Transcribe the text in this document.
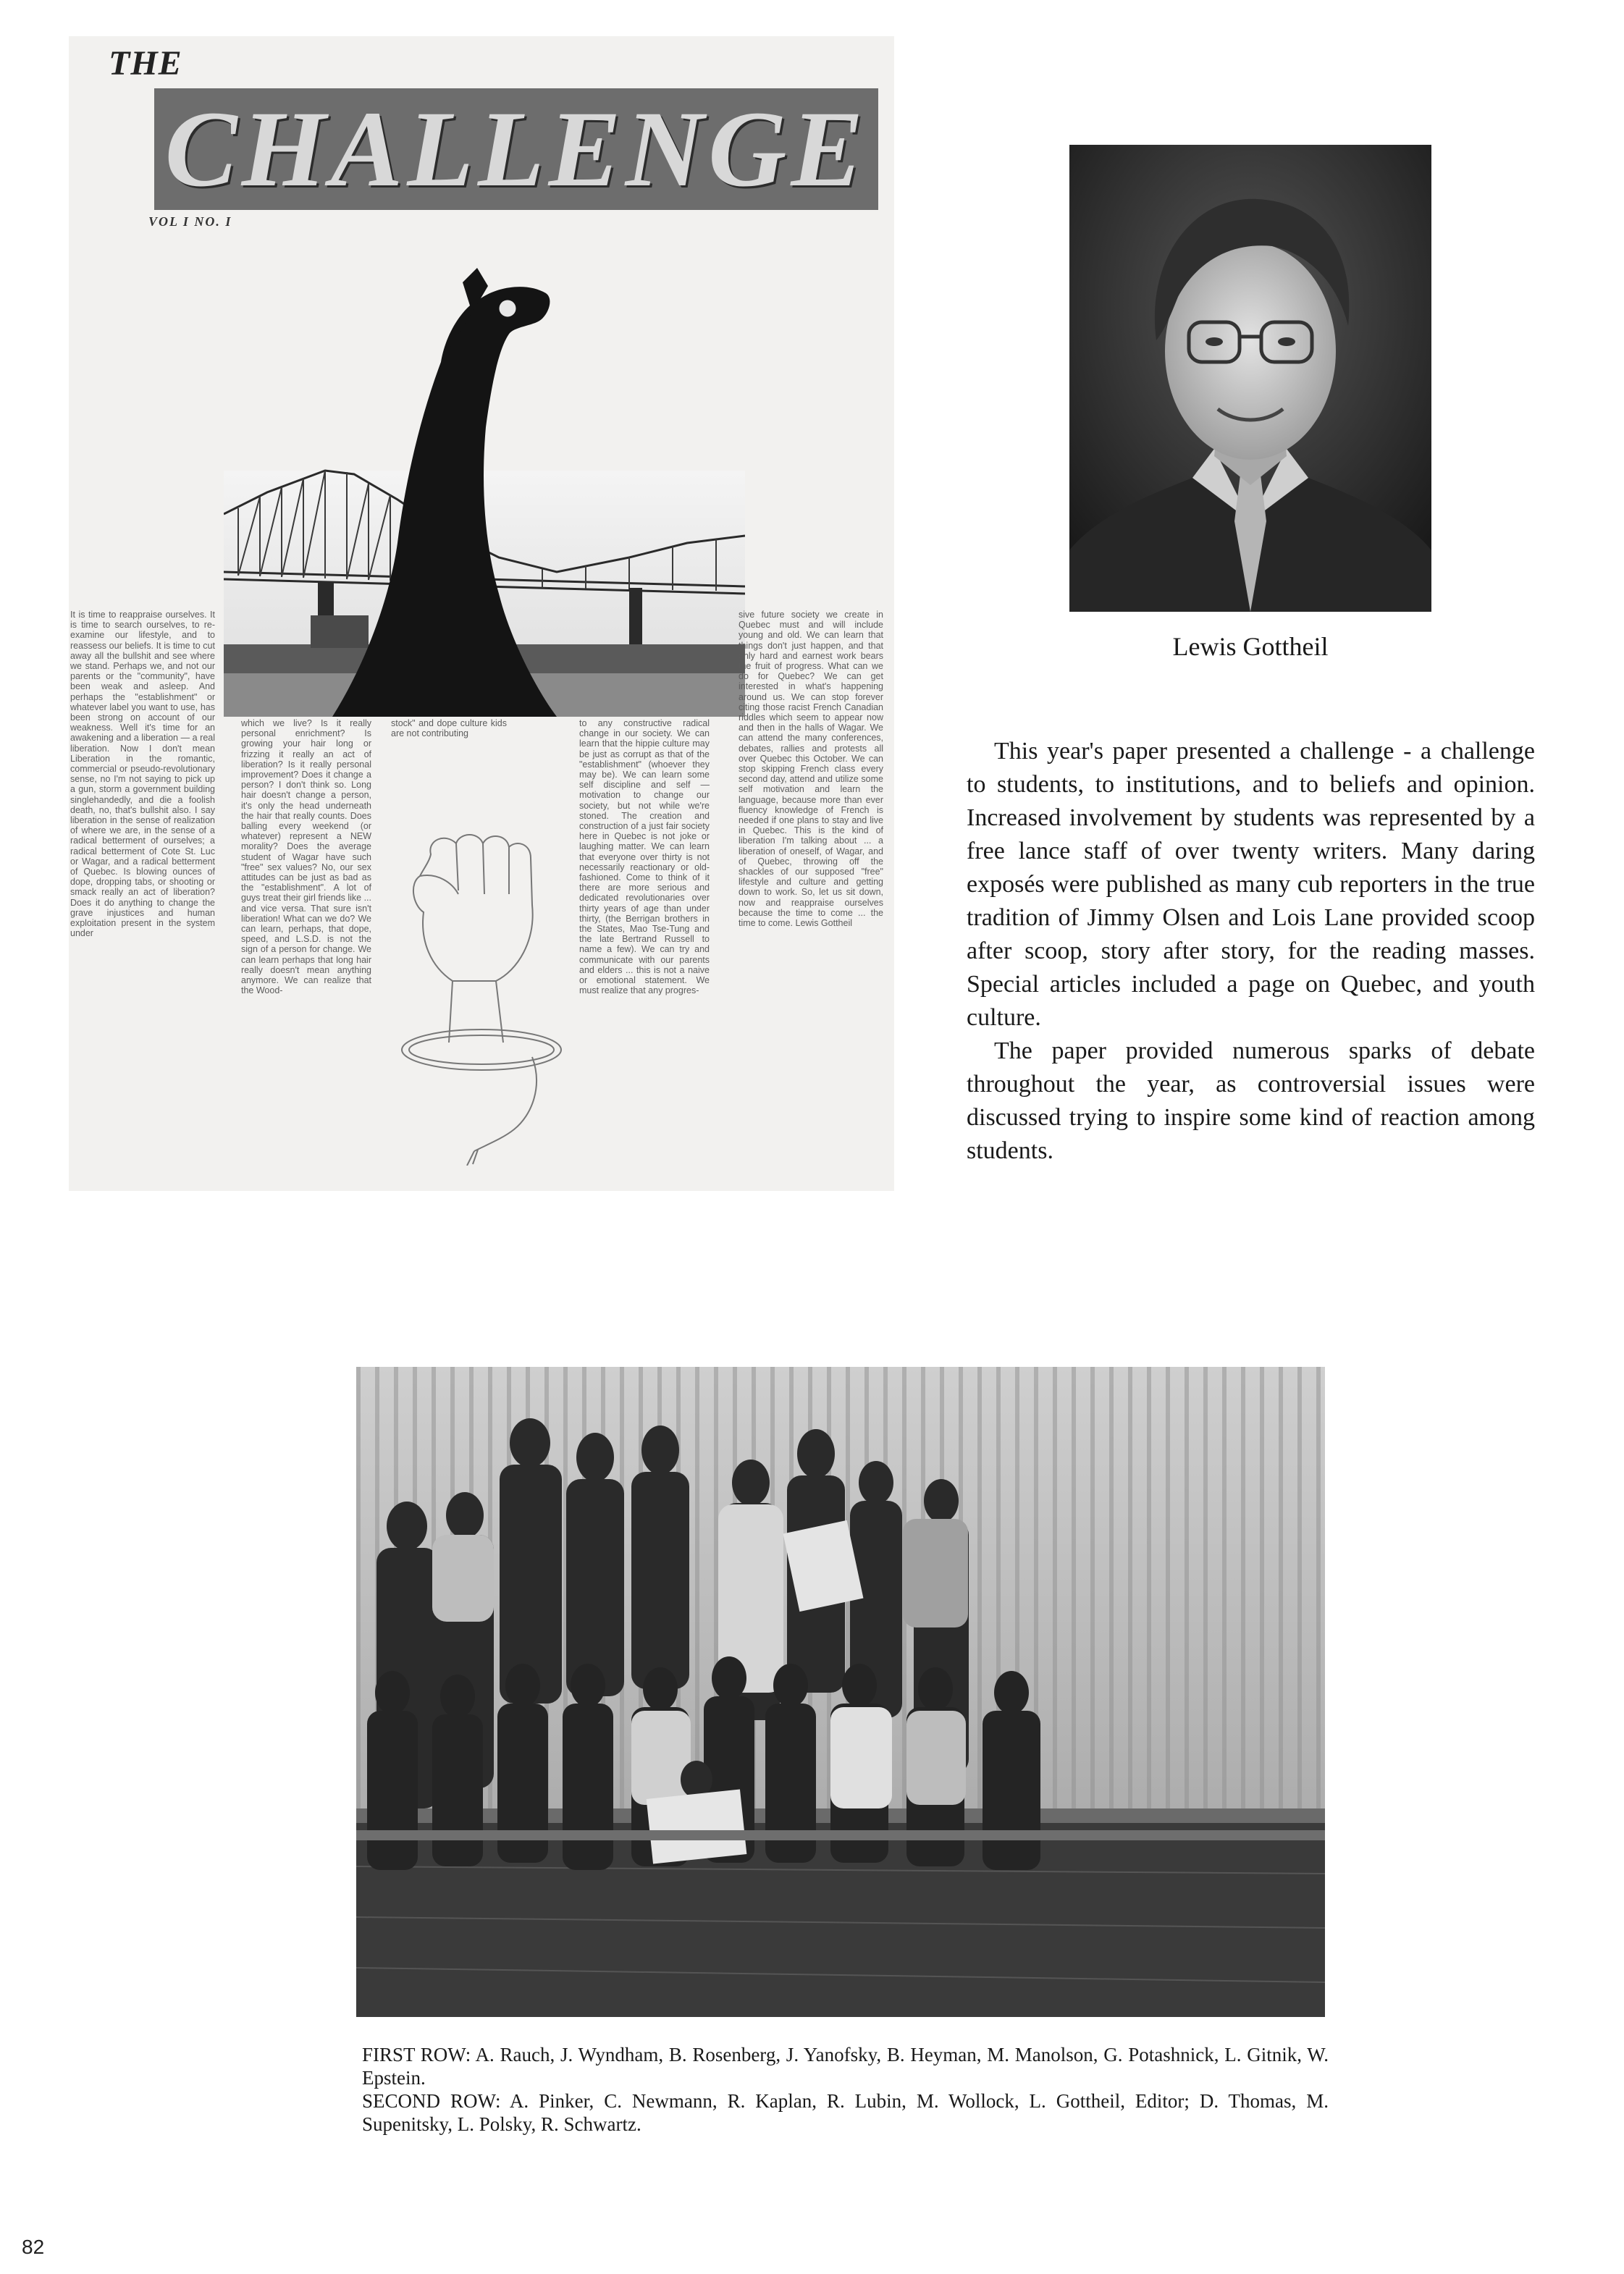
THE
CHALLENGE
VOL I NO. I
It is time to reappraise ourselves. It is time to search ourselves, to re-examine our lifestyle, and to reassess our beliefs. It is time to cut away all the bullshit and see where we stand. Perhaps we, and not our parents or the "community", have been weak and asleep. And perhaps the "establishment" or whatever label you want to use, has been strong on account of our weakness. Well it's time for an awakening and a liberation — a real liberation. Now I don't mean Liberation in the romantic, commercial or pseudo-revolutionary sense, no I'm not saying to pick up a gun, storm a government building singlehandedly, and die a foolish death, no, that's bullshit also. I say liberation in the sense of realization of where we are, in the sense of a radical betterment of ourselves; a radical betterment of Cote St. Luc or Wagar, and a radical betterment of Quebec. Is blowing ounces of dope, dropping tabs, or shooting or smack really an act of liberation? Does it do anything to change the grave injustices and human exploitation present in the system under
which we live? Is it really personal enrichment? Is growing your hair long or frizzing it really an act of liberation? Is it really personal improvement? Does it change a person? I don't think so. Long hair doesn't change a person, it's only the head underneath the hair that really counts. Does balling every weekend (or whatever) represent a NEW morality? Does the average student of Wagar have such "free" sex values? No, our sex attitudes can be just as bad as the "establishment". A lot of guys treat their girl friends like ... and vice versa. That sure isn't liberation! What can we do? We can learn, perhaps, that dope, speed, and L.S.D. is not the sign of a person for change. We can learn perhaps that long hair really doesn't mean anything anymore. We can realize that the Wood-
stock" and dope culture kids are not contributing
to any constructive radical change in our society. We can learn that the hippie culture may be just as corrupt as that of the "establishment" (whoever they may be). We can learn some self discipline and self — motivation to change our society, but not while we're stoned. The creation and construction of a just fair society here in Quebec is not joke or laughing matter. We can learn that everyone over thirty is not necessarily reactionary or old-fashioned. Come to think of it there are more serious and dedicated revolutionaries over thirty years of age than under thirty, (the Berrigan brothers in the States, Mao Tse-Tung and the late Bertrand Russell to name a few). We can try and communicate with our parents and elders ... this is not a naive or emotional statement. We must realize that any progres-
sive future society we create in Quebec must and will include young and old. We can learn that things don't just happen, and that only hard and earnest work bears the fruit of progress. What can we do for Quebec? We can get interested in what's happening around us. We can stop forever citing those racist French Canadian riddles which seem to appear now and then in the halls of Wagar. We can attend the many conferences, debates, rallies and protests all over Quebec this October. We can stop skipping French class every second day, attend and utilize some self motivation and learn the language, because more than ever fluency knowledge of French is needed if one plans to stay and live in Quebec. This is the kind of liberation I'm talking about ... a liberation of oneself, of Wagar, and of Quebec, throwing off the shackles of our supposed "free" lifestyle and culture and getting down to work. So, let us sit down, now and reappraise ourselves because the time to come ... the time to come. Lewis Gottheil
Lewis Gottheil

This year's paper presented a challenge - a challenge to students, to institutions, and to beliefs and opinion. Increased involvement by students was represented by a free lance staff of over twenty writers. Many daring exposés were published as many cub reporters in the true tradition of Jimmy Olsen and Lois Lane provided scoop after scoop, story after story, for the reading masses. Special articles included a page on Quebec, and youth culture.

The paper provided numerous sparks of debate throughout the year, as controversial issues were discussed trying to inspire some kind of reaction among students.

FIRST ROW: A. Rauch, J. Wyndham, B. Rosenberg, J. Yanofsky, B. Heyman, M. Manolson, G. Potashnick, L. Gitnik, W. Epstein.

SECOND ROW: A. Pinker, C. Newmann, R. Kaplan, R. Lubin, M. Wollock, L. Gottheil, Editor; D. Thomas, M. Supenitsky, L. Polsky, R. Schwartz.

82
